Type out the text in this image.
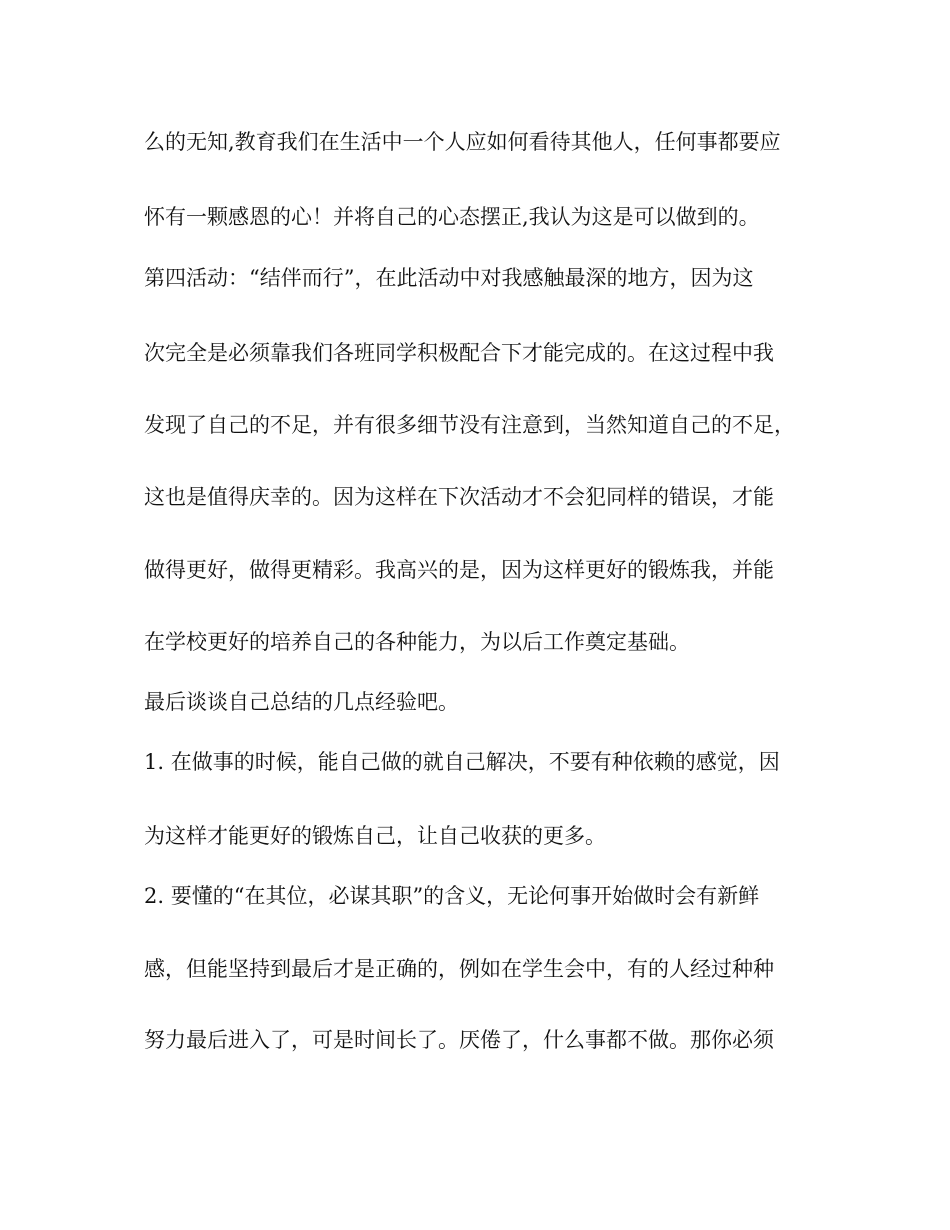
么的无知,教育我们在生活中一个人应如何看待其他人，任何事都要应

怀有一颗感恩的心！并将自己的心态摆正,我认为这是可以做到的。

第四活动：“结伴而行”，在此活动中对我感触最深的地方，因为这

次完全是必须靠我们各班同学积极配合下才能完成的。在这过程中我

发现了自己的不足，并有很多细节没有注意到，当然知道自己的不足，

这也是值得庆幸的。因为这样在下次活动才不会犯同样的错误，才能

做得更好，做得更精彩。我高兴的是，因为这样更好的锻炼我，并能

在学校更好的培养自己的各种能力，为以后工作奠定基础。

最后谈谈自己总结的几点经验吧。

1. 在做事的时候，能自己做的就自己解决，不要有种依赖的感觉，因

为这样才能更好的锻炼自己，让自己收获的更多。

2. 要懂的“在其位，必谋其职”的含义，无论何事开始做时会有新鲜

感，但能坚持到最后才是正确的，例如在学生会中，有的人经过种种

努力最后进入了，可是时间长了。厌倦了，什么事都不做。那你必须
